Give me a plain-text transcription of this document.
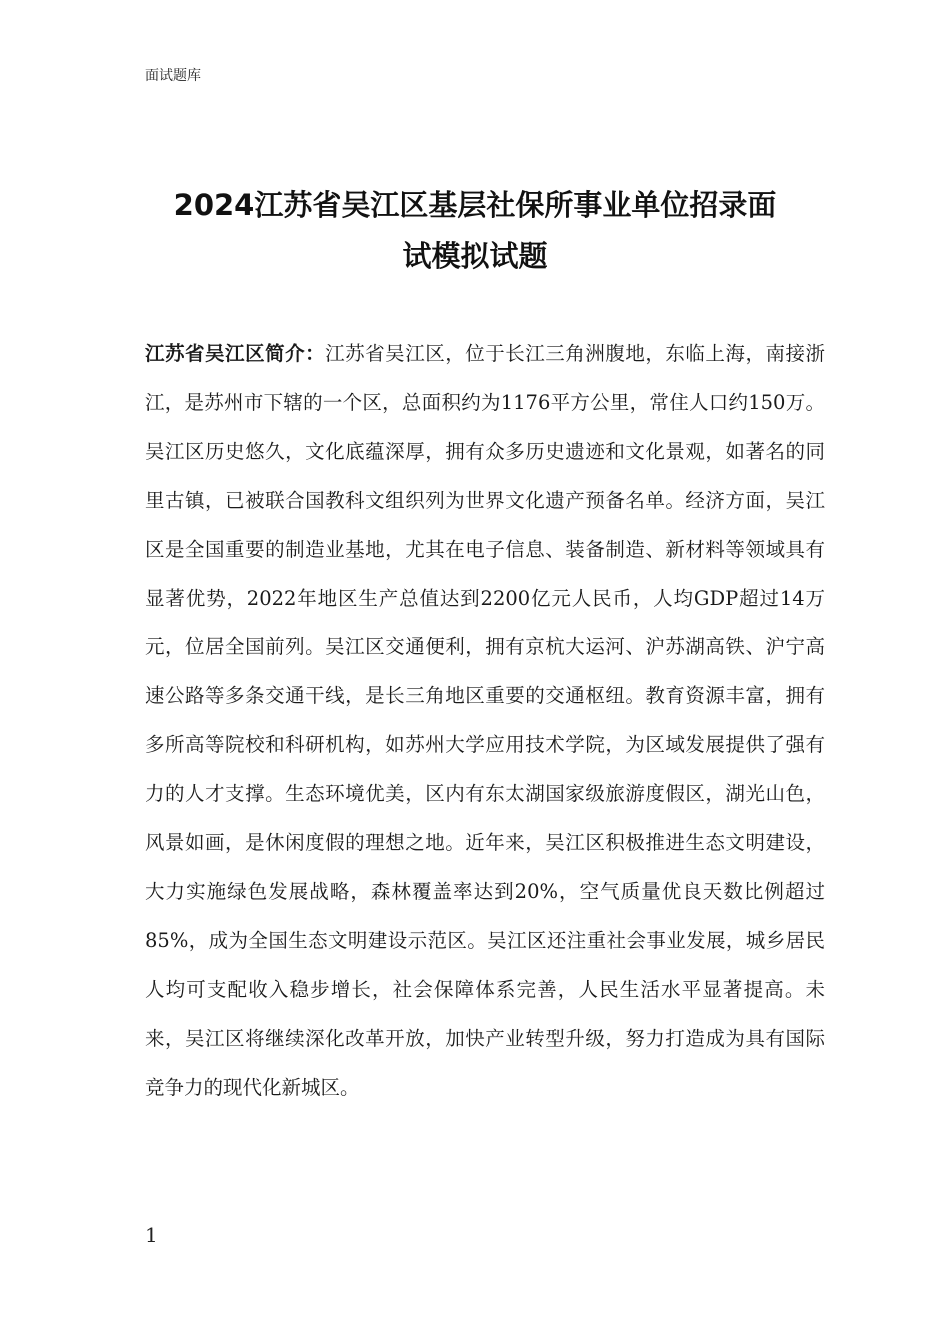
面试题库
2024江苏省吴江区基层社保所事业单位招录面
试模拟试题

江苏省吴江区简介：江苏省吴江区，位于长江三角洲腹地，东临上海，南接浙江，是苏州市下辖的一个区，总面积约为1176平方公里，常住人口约150万。吴江区历史悠久，文化底蕴深厚，拥有众多历史遗迹和文化景观，如著名的同里古镇，已被联合国教科文组织列为世界文化遗产预备名单。经济方面，吴江区是全国重要的制造业基地，尤其在电子信息、装备制造、新材料等领域具有显著优势，2022年地区生产总值达到2200亿元人民币，人均GDP超过14万元，位居全国前列。吴江区交通便利，拥有京杭大运河、沪苏湖高铁、沪宁高速公路等多条交通干线，是长三角地区重要的交通枢纽。教育资源丰富，拥有多所高等院校和科研机构，如苏州大学应用技术学院，为区域发展提供了强有力的人才支撑。生态环境优美，区内有东太湖国家级旅游度假区，湖光山色，风景如画，是休闲度假的理想之地。近年来，吴江区积极推进生态文明建设，大力实施绿色发展战略，森林覆盖率达到20%，空气质量优良天数比例超过85%，成为全国生态文明建设示范区。吴江区还注重社会事业发展，城乡居民人均可支配收入稳步增长，社会保障体系完善，人民生活水平显著提高。未来，吴江区将继续深化改革开放，加快产业转型升级，努力打造成为具有国际竞争力的现代化新城区。

1
